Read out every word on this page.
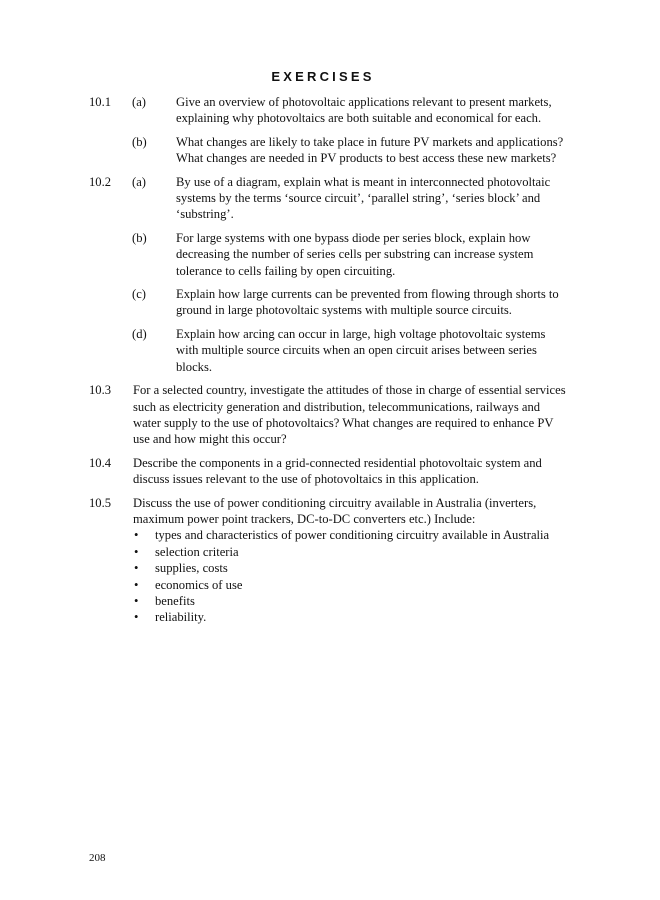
EXERCISES
10.1 (a) Give an overview of photovoltaic applications relevant to present markets, explaining why photovoltaics are both suitable and economical for each.
(b) What changes are likely to take place in future PV markets and applications? What changes are needed in PV products to best access these new markets?
10.2 (a) By use of a diagram, explain what is meant in interconnected photovoltaic systems by the terms ‘source circuit’, ‘parallel string’, ‘series block’ and ‘substring’.
(b) For large systems with one bypass diode per series block, explain how decreasing the number of series cells per substring can increase system tolerance to cells failing by open circuiting.
(c) Explain how large currents can be prevented from flowing through shorts to ground in large photovoltaic systems with multiple source circuits.
(d) Explain how arcing can occur in large, high voltage photovoltaic systems with multiple source circuits when an open circuit arises between series blocks.
10.3	For a selected country, investigate the attitudes of those in charge of essential services such as electricity generation and distribution, telecommunications, railways and water supply to the use of photovoltaics? What changes are required to enhance PV use and how might this occur?
10.4	Describe the components in a grid-connected residential photovoltaic system and discuss issues relevant to the use of photovoltaics in this application.
10.5 Discuss the use of power conditioning circuitry available in Australia (inverters, maximum power point trackers, DC-to-DC converters etc.) Include:
• types and characteristics of power conditioning circuitry available in Australia
• selection criteria
• supplies, costs
• economics of use
• benefits
• reliability.
208
